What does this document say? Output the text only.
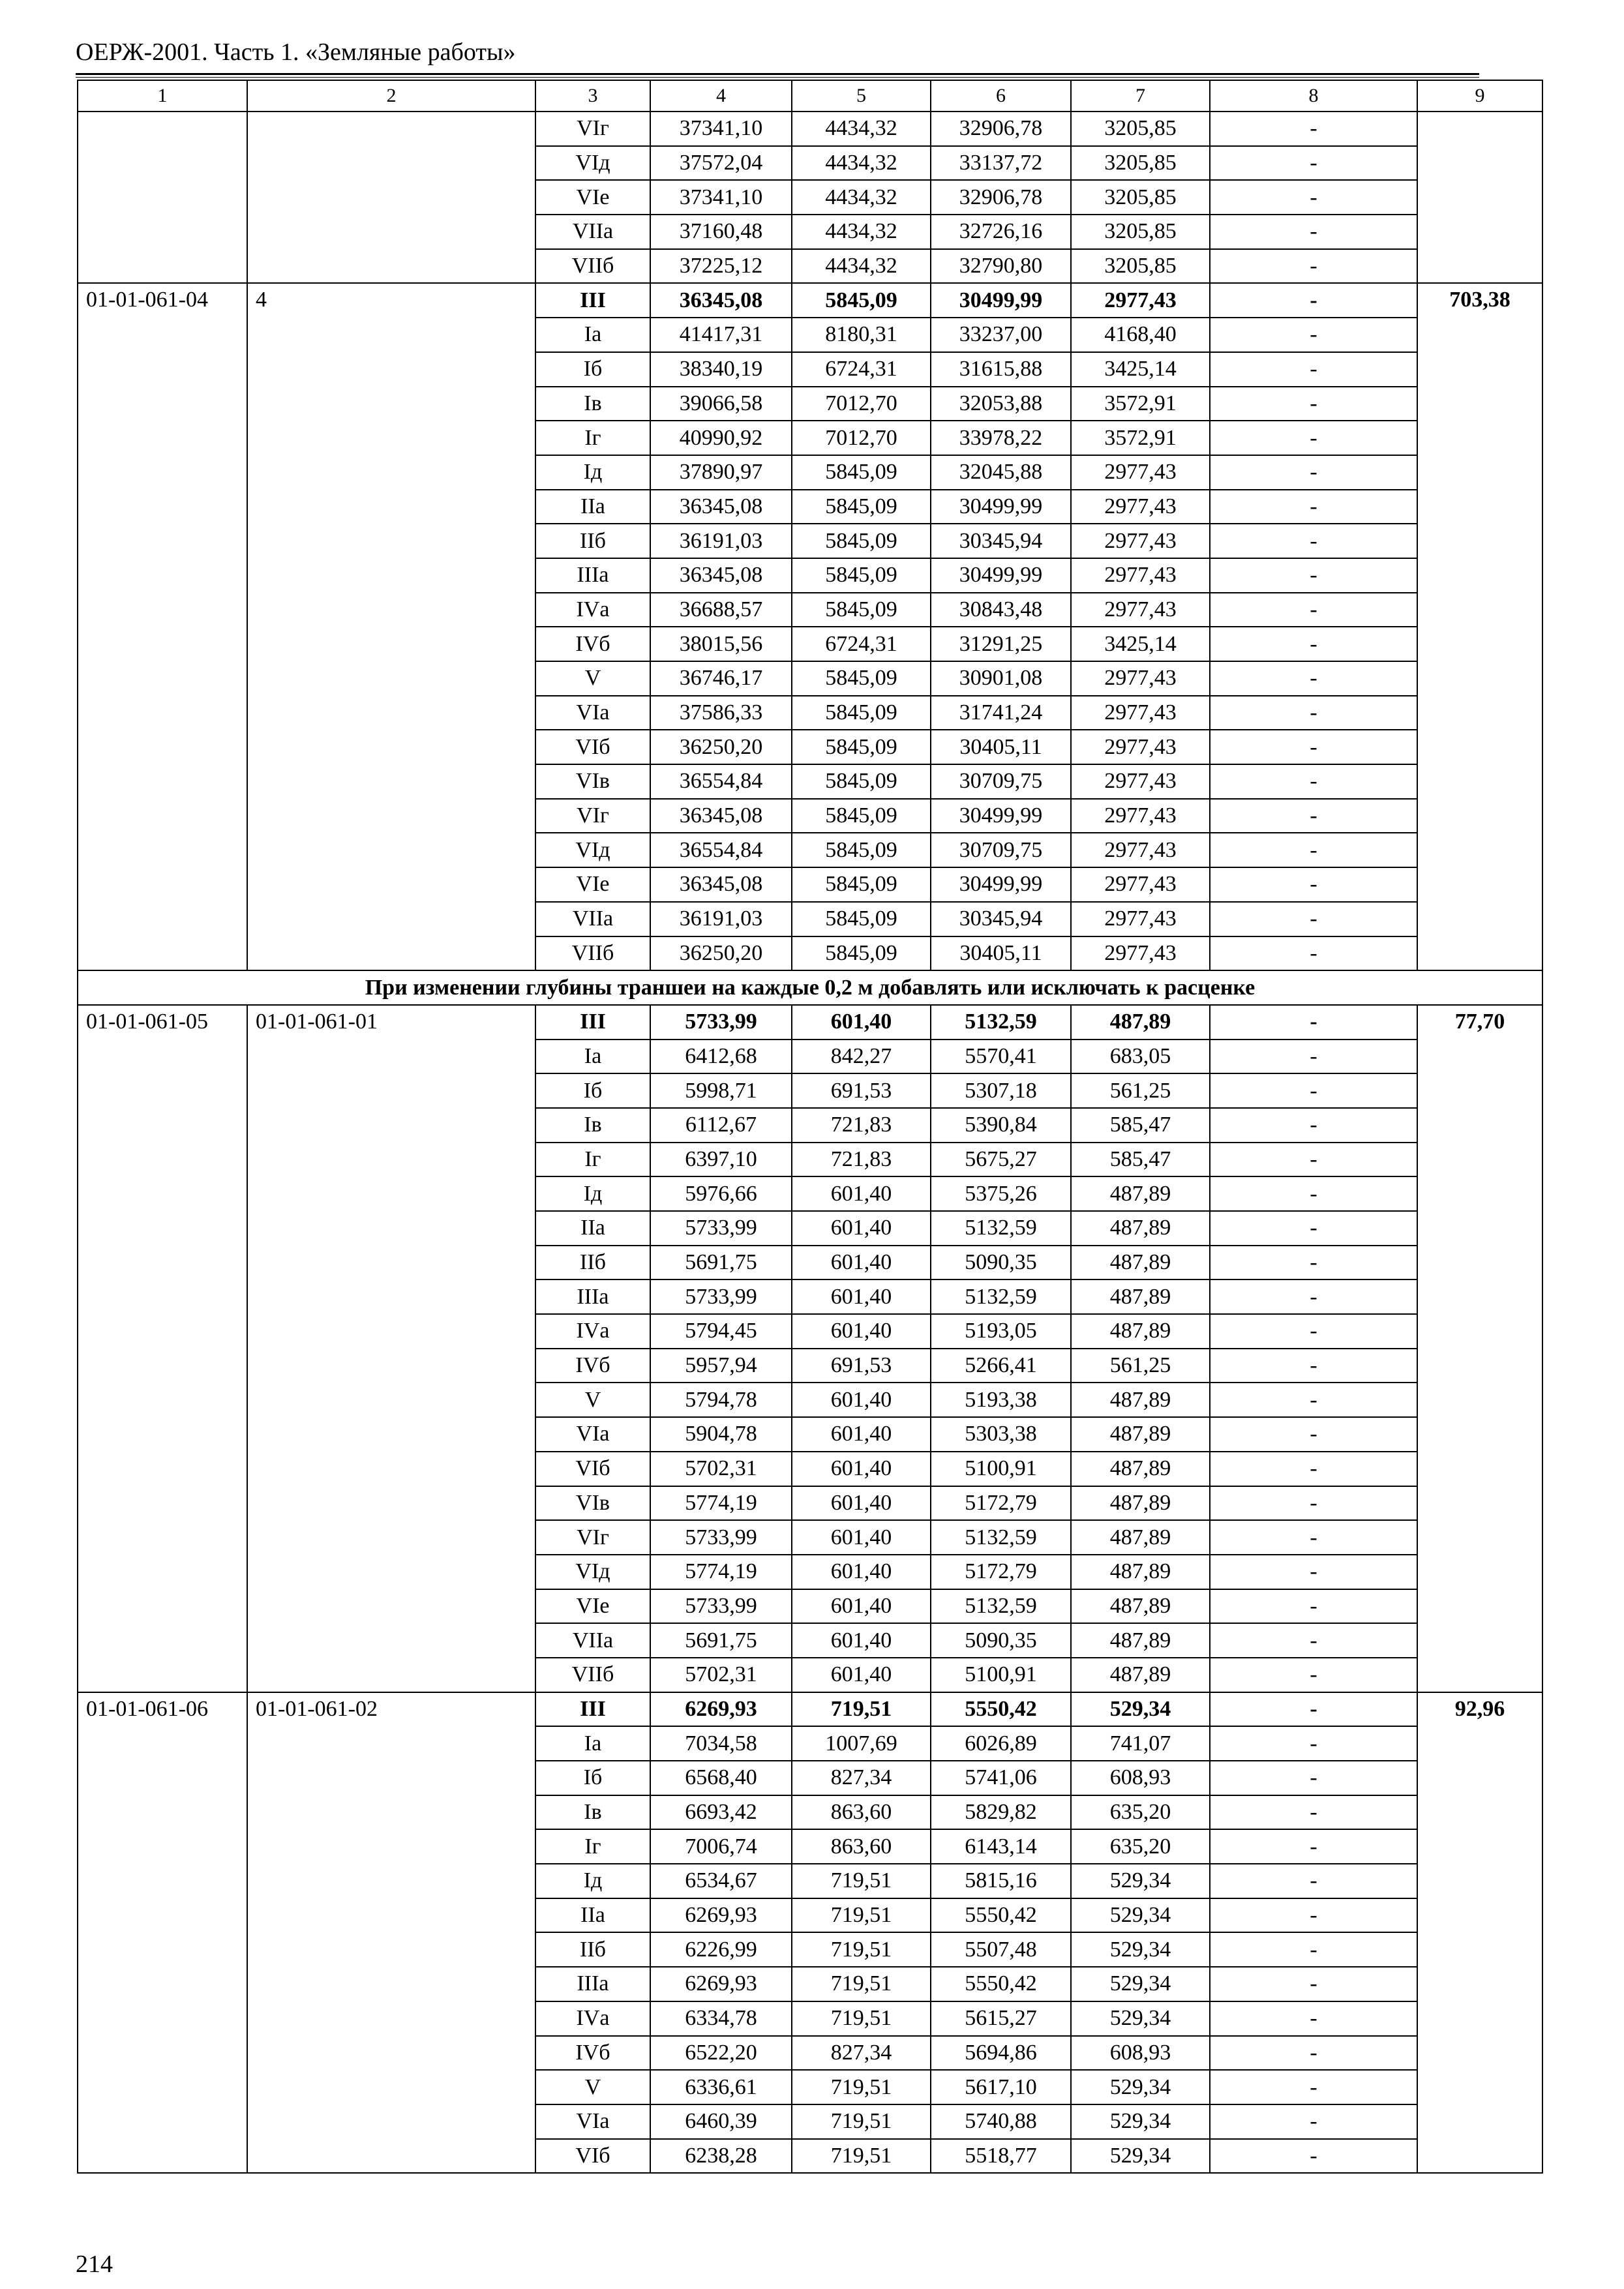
ОЕРЖ-2001. Часть 1. «Земляные работы»
1	2	3	4	5	6	7	8	9
		VIг	37341,10	4434,32	32906,78	3205,85	-	
		VIд	37572,04	4434,32	33137,72	3205,85	-	
		VIе	37341,10	4434,32	32906,78	3205,85	-	
		VIIа	37160,48	4434,32	32726,16	3205,85	-	
		VIIб	37225,12	4434,32	32790,80	3205,85	-	
01-01-061-04	4	III	36345,08	5845,09	30499,99	2977,43	-	703,38
		Iа	41417,31	8180,31	33237,00	4168,40	-	
		Iб	38340,19	6724,31	31615,88	3425,14	-	
		Iв	39066,58	7012,70	32053,88	3572,91	-	
		Iг	40990,92	7012,70	33978,22	3572,91	-	
		Iд	37890,97	5845,09	32045,88	2977,43	-	
		IIа	36345,08	5845,09	30499,99	2977,43	-	
		IIб	36191,03	5845,09	30345,94	2977,43	-	
		IIIа	36345,08	5845,09	30499,99	2977,43	-	
		IVа	36688,57	5845,09	30843,48	2977,43	-	
		IVб	38015,56	6724,31	31291,25	3425,14	-	
		V	36746,17	5845,09	30901,08	2977,43	-	
		VIа	37586,33	5845,09	31741,24	2977,43	-	
		VIб	36250,20	5845,09	30405,11	2977,43	-	
		VIв	36554,84	5845,09	30709,75	2977,43	-	
		VIг	36345,08	5845,09	30499,99	2977,43	-	
		VIд	36554,84	5845,09	30709,75	2977,43	-	
		VIе	36345,08	5845,09	30499,99	2977,43	-	
		VIIа	36191,03	5845,09	30345,94	2977,43	-	
		VIIб	36250,20	5845,09	30405,11	2977,43	-	
При изменении глубины траншеи на каждые 0,2 м добавлять или исключать к расценке								
01-01-061-05	01-01-061-01	III	5733,99	601,40	5132,59	487,89	-	77,70
		Iа	6412,68	842,27	5570,41	683,05	-	
		Iб	5998,71	691,53	5307,18	561,25	-	
		Iв	6112,67	721,83	5390,84	585,47	-	
		Iг	6397,10	721,83	5675,27	585,47	-	
		Iд	5976,66	601,40	5375,26	487,89	-	
		IIа	5733,99	601,40	5132,59	487,89	-	
		IIб	5691,75	601,40	5090,35	487,89	-	
		IIIа	5733,99	601,40	5132,59	487,89	-	
		IVа	5794,45	601,40	5193,05	487,89	-	
		IVб	5957,94	691,53	5266,41	561,25	-	
		V	5794,78	601,40	5193,38	487,89	-	
		VIа	5904,78	601,40	5303,38	487,89	-	
		VIб	5702,31	601,40	5100,91	487,89	-	
		VIв	5774,19	601,40	5172,79	487,89	-	
		VIг	5733,99	601,40	5132,59	487,89	-	
		VIд	5774,19	601,40	5172,79	487,89	-	
		VIе	5733,99	601,40	5132,59	487,89	-	
		VIIа	5691,75	601,40	5090,35	487,89	-	
		VIIб	5702,31	601,40	5100,91	487,89	-	
01-01-061-06	01-01-061-02	III	6269,93	719,51	5550,42	529,34	-	92,96
		Iа	7034,58	1007,69	6026,89	741,07	-	
		Iб	6568,40	827,34	5741,06	608,93	-	
		Iв	6693,42	863,60	5829,82	635,20	-	
		Iг	7006,74	863,60	6143,14	635,20	-	
		Iд	6534,67	719,51	5815,16	529,34	-	
		IIа	6269,93	719,51	5550,42	529,34	-	
		IIб	6226,99	719,51	5507,48	529,34	-	
		IIIа	6269,93	719,51	5550,42	529,34	-	
		IVа	6334,78	719,51	5615,27	529,34	-	
		IVб	6522,20	827,34	5694,86	608,93	-	
		V	6336,61	719,51	5617,10	529,34	-	
		VIа	6460,39	719,51	5740,88	529,34	-	
		VIб	6238,28	719,51	5518,77	529,34	-	
214
